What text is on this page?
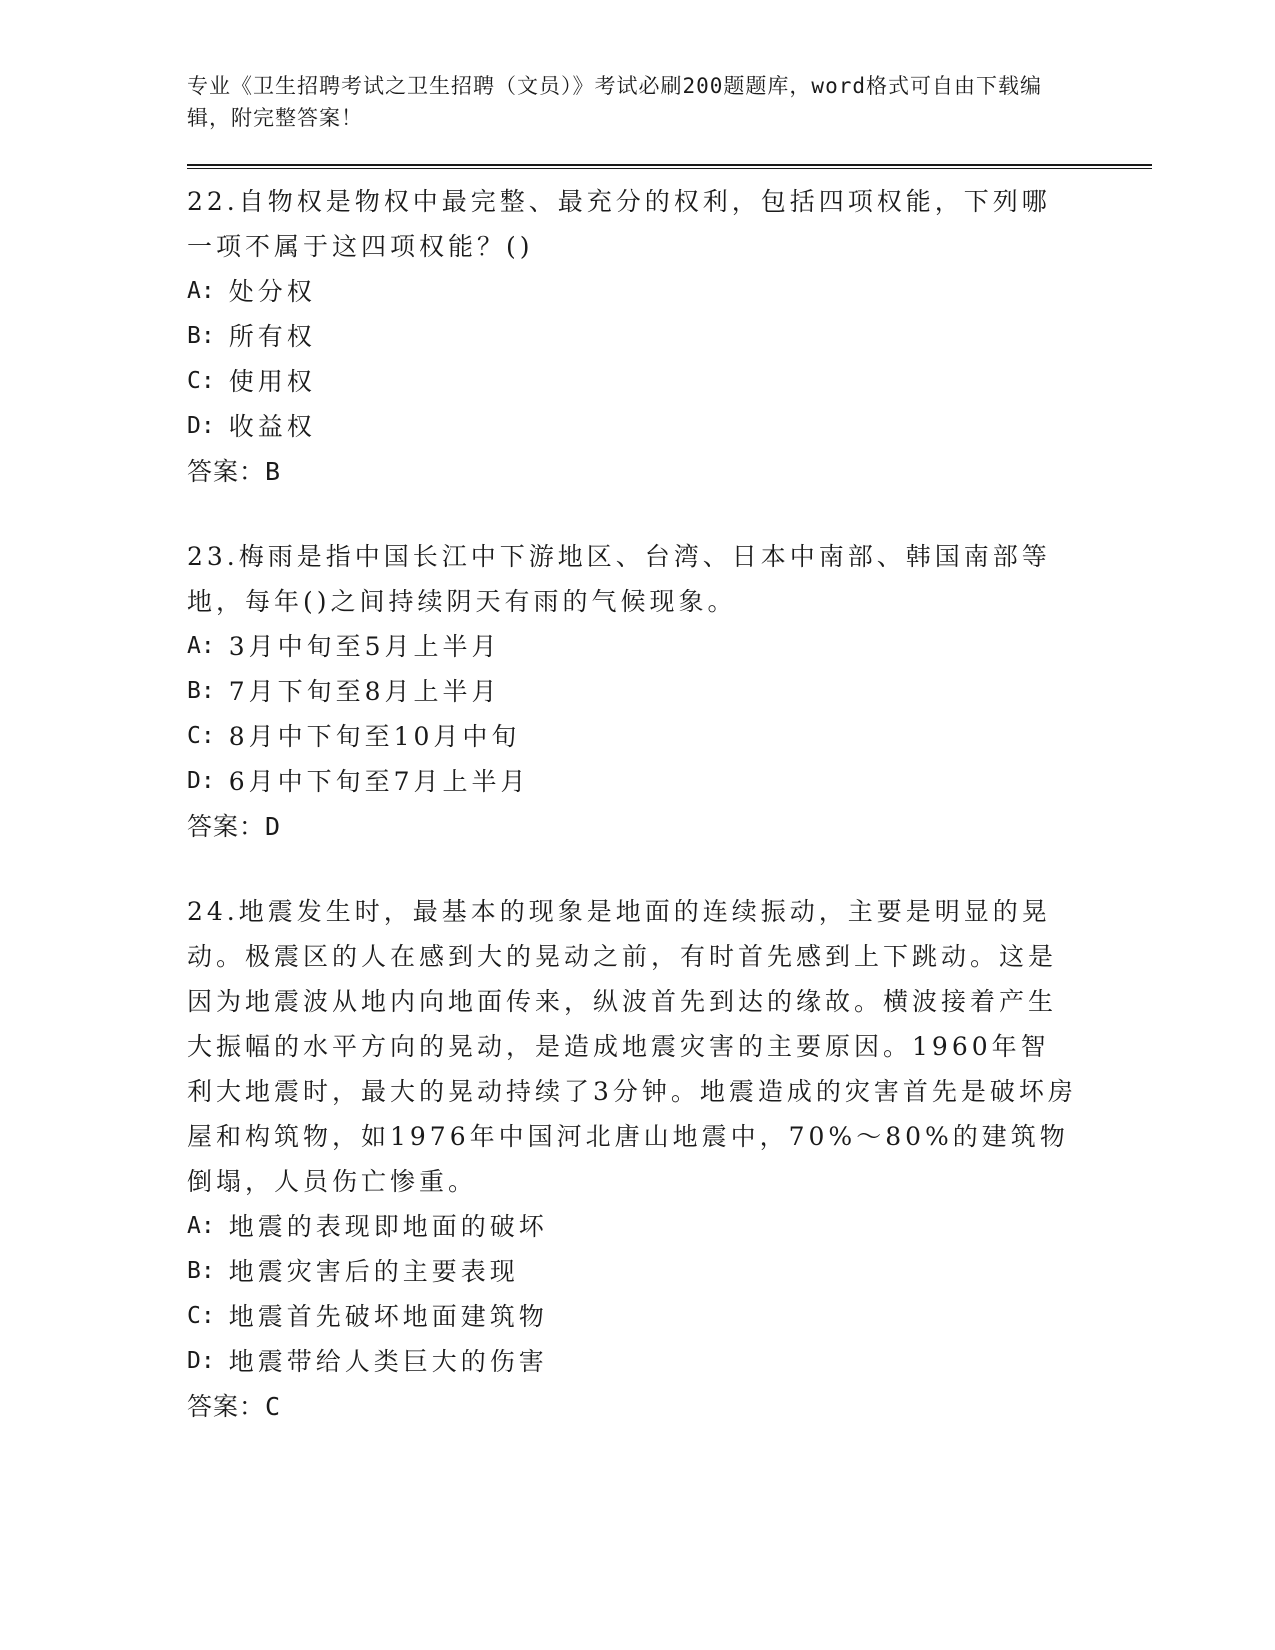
专业《卫生招聘考试之卫生招聘（文员）》考试必刷200题题库，word格式可自由下载编辑，附完整答案！

22.自物权是物权中最完整、最充分的权利，包括四项权能，下列哪一项不属于这四项权能？()

A: 处分权
B: 所有权
C: 使用权
D: 收益权
答案：B

23.梅雨是指中国长江中下游地区、台湾、日本中南部、韩国南部等地，每年()之间持续阴天有雨的气候现象。

A: 3月中旬至5月上半月
B: 7月下旬至8月上半月
C: 8月中下旬至10月中旬
D: 6月中下旬至7月上半月
答案：D

24.地震发生时，最基本的现象是地面的连续振动，主要是明显的晃动。极震区的人在感到大的晃动之前，有时首先感到上下跳动。这是因为地震波从地内向地面传来，纵波首先到达的缘故。横波接着产生大振幅的水平方向的晃动，是造成地震灾害的主要原因。1960年智利大地震时，最大的晃动持续了3分钟。地震造成的灾害首先是破坏房屋和构筑物，如1976年中国河北唐山地震中，70%～80%的建筑物倒塌，人员伤亡惨重。

A: 地震的表现即地面的破坏
B: 地震灾害后的主要表现
C: 地震首先破坏地面建筑物
D: 地震带给人类巨大的伤害
答案：C
